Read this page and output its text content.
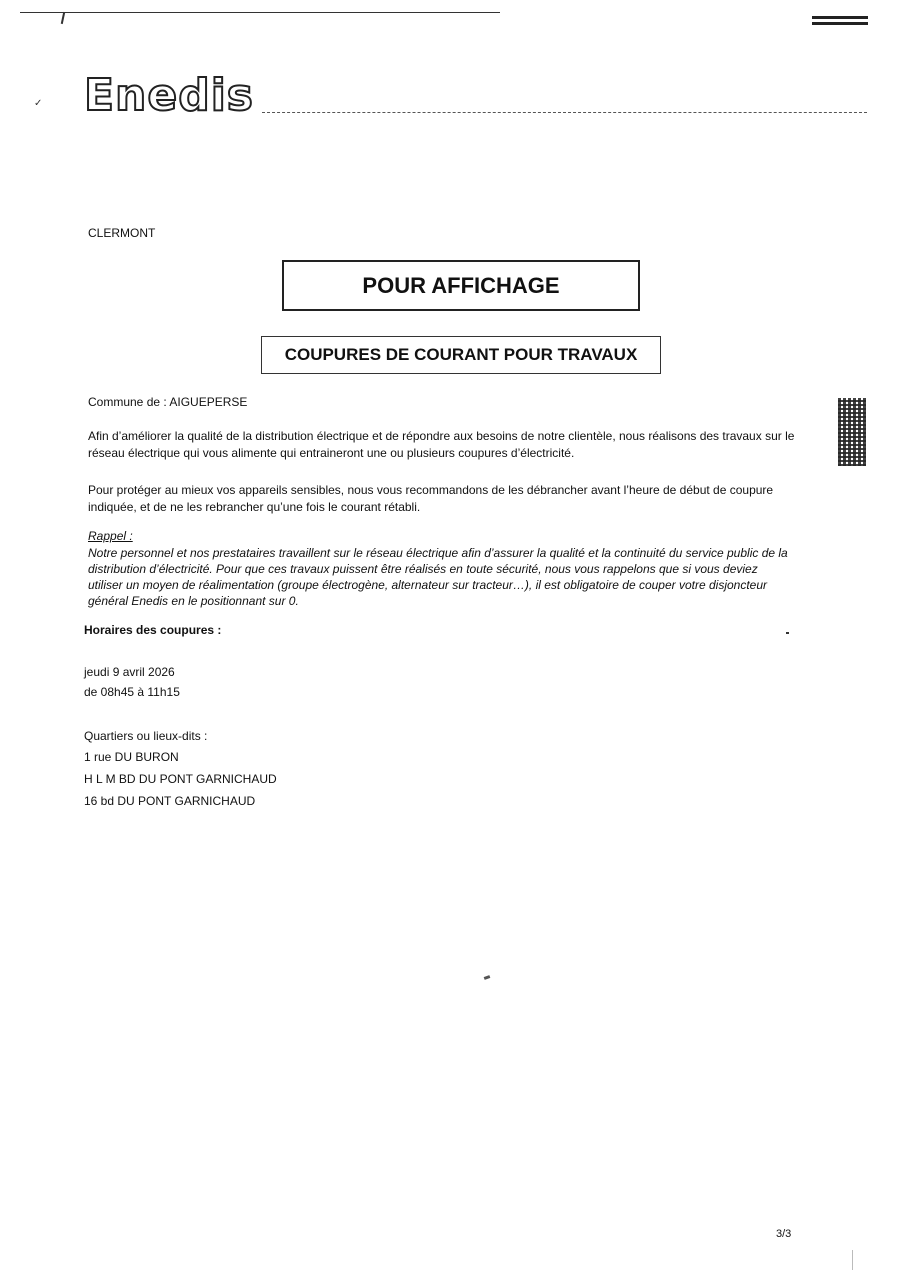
✓ Enedis
CLERMONT
POUR AFFICHAGE
COUPURES DE COURANT POUR TRAVAUX
Commune de : AIGUEPERSE
Afin d’améliorer la qualité de la distribution électrique et de répondre aux besoins de notre clientèle, nous réalisons des travaux sur le réseau électrique qui vous alimente qui entraineront une ou plusieurs coupures d’électricité.
Pour protéger au mieux vos appareils sensibles, nous vous recommandons de les débrancher avant l’heure de début de coupure indiquée, et de ne les rebrancher qu’une fois le courant rétabli.
Rappel :
Notre personnel et nos prestataires travaillent sur le réseau électrique afin d’assurer la qualité et la continuité du service public de la distribution d’électricité. Pour que ces travaux puissent être réalisés en toute sécurité, nous vous rappelons que si vous deviez utiliser un moyen de réalimentation (groupe électrogène, alternateur sur tracteur…), il est obligatoire de couper votre disjoncteur général Enedis en le positionnant sur 0.
Horaires des coupures :
jeudi 9 avril 2026
de 08h45 à 11h15
Quartiers ou lieux-dits :
1 rue DU BURON
H L M BD DU PONT GARNICHAUD
16 bd DU PONT GARNICHAUD
3/3
